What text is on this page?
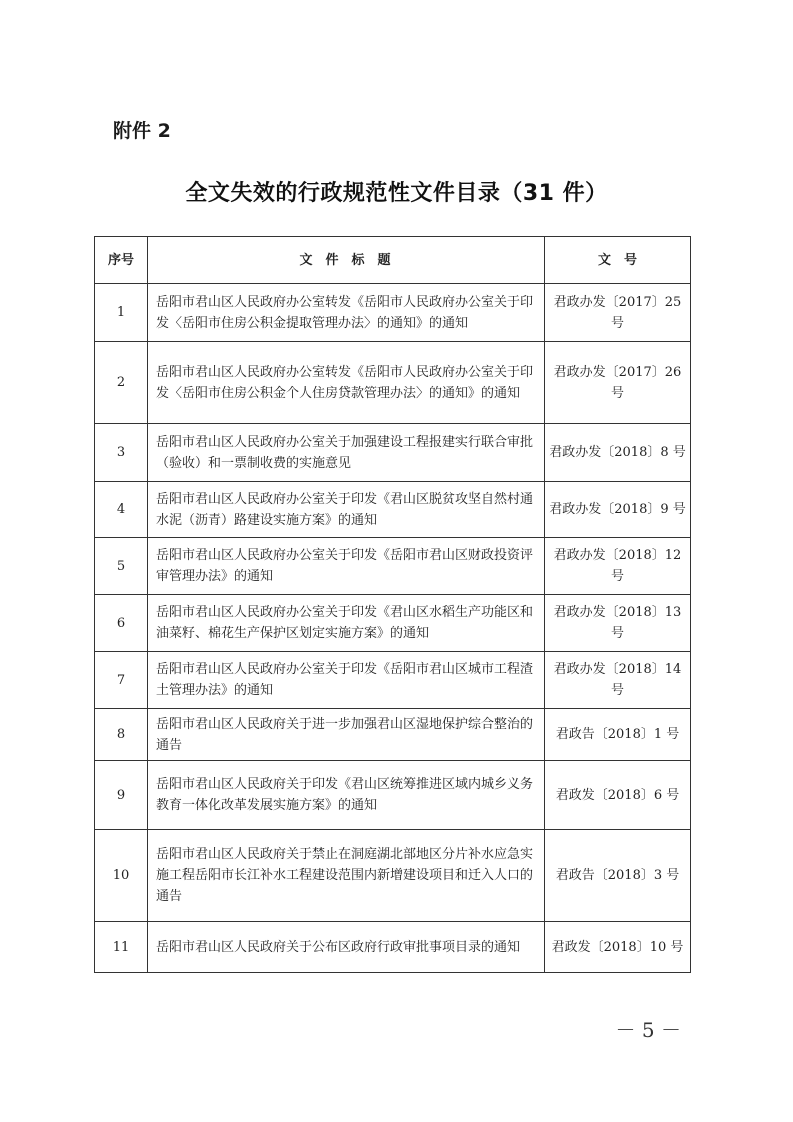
附件 2
全文失效的行政规范性文件目录（31 件）
序号	文　件　标　题	文　号
1	岳阳市君山区人民政府办公室转发《岳阳市人民政府办公室关于印发〈岳阳市住房公积金提取管理办法〉的通知》的通知	君政办发〔2017〕25 号
2	岳阳市君山区人民政府办公室转发《岳阳市人民政府办公室关于印发〈岳阳市住房公积金个人住房贷款管理办法〉的通知》的通知	君政办发〔2017〕26 号
3	岳阳市君山区人民政府办公室关于加强建设工程报建实行联合审批（验收）和一票制收费的实施意见	君政办发〔2018〕8 号
4	岳阳市君山区人民政府办公室关于印发《君山区脱贫攻坚自然村通水泥（沥青）路建设实施方案》的通知	君政办发〔2018〕9 号
5	岳阳市君山区人民政府办公室关于印发《岳阳市君山区财政投资评审管理办法》的通知	君政办发〔2018〕12 号
6	岳阳市君山区人民政府办公室关于印发《君山区水稻生产功能区和油菜籽、棉花生产保护区划定实施方案》的通知	君政办发〔2018〕13 号
7	岳阳市君山区人民政府办公室关于印发《岳阳市君山区城市工程渣土管理办法》的通知	君政办发〔2018〕14 号
8	岳阳市君山区人民政府关于进一步加强君山区湿地保护综合整治的通告	君政告〔2018〕1 号
9	岳阳市君山区人民政府关于印发《君山区统筹推进区域内城乡义务教育一体化改革发展实施方案》的通知	君政发〔2018〕6 号
10	岳阳市君山区人民政府关于禁止在洞庭湖北部地区分片补水应急实施工程岳阳市长江补水工程建设范围内新增建设项目和迁入人口的通告	君政告〔2018〕3 号
11	岳阳市君山区人民政府关于公布区政府行政审批事项目录的通知	君政发〔2018〕10 号
－ 5 －
